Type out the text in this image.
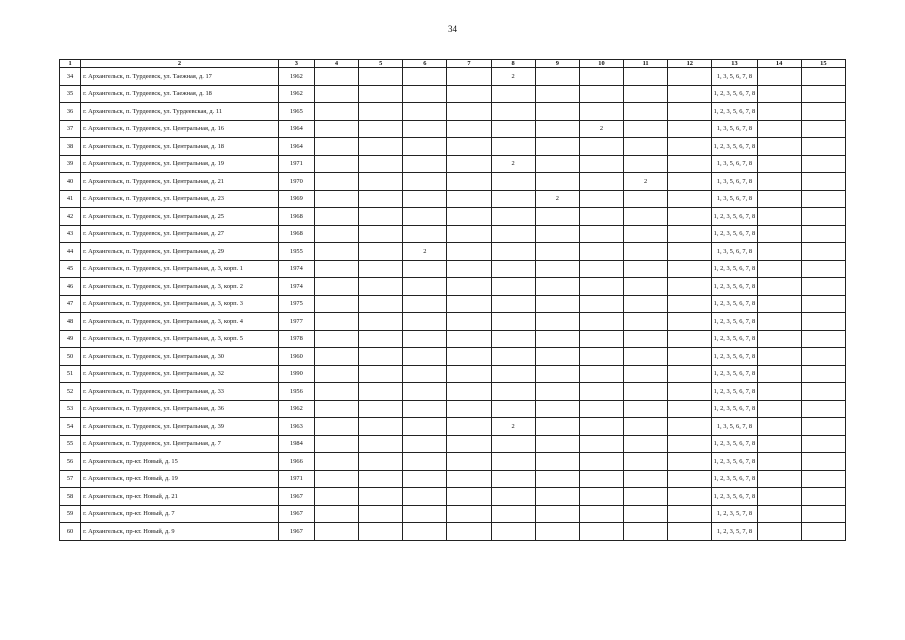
34
1	2	3	4	5	6	7	8	9	10	11	12	13	14	15
34	г. Архангельск, п. Турдеевск, ул. Таежная, д. 17	1962					2					1, 3, 5, 6, 7, 8		
35	г. Архангельск, п. Турдеевск, ул. Таежная, д. 18	1962										1, 2, 3, 5, 6, 7, 8		
36	г. Архангельск, п. Турдеевск, ул. Турдеевская, д. 11	1965										1, 2, 3, 5, 6, 7, 8		
37	г. Архангельск, п. Турдеевск, ул. Центральная, д. 16	1964							2			1, 3, 5, 6, 7, 8		
38	г. Архангельск, п. Турдеевск, ул. Центральная, д. 18	1964										1, 2, 3, 5, 6, 7, 8		
39	г. Архангельск, п. Турдеевск, ул. Центральная, д. 19	1971					2					1, 3, 5, 6, 7, 8		
40	г. Архангельск, п. Турдеевск, ул. Центральная, д. 21	1970								2		1, 3, 5, 6, 7, 8		
41	г. Архангельск, п. Турдеевск, ул. Центральная, д. 23	1969						2				1, 3, 5, 6, 7, 8		
42	г. Архангельск, п. Турдеевск, ул. Центральная, д. 25	1968										1, 2, 3, 5, 6, 7, 8		
43	г. Архангельск, п. Турдеевск, ул. Центральная, д. 27	1968										1, 2, 3, 5, 6, 7, 8		
44	г. Архангельск, п. Турдеевск, ул. Центральная, д. 29	1955			2							1, 3, 5, 6, 7, 8		
45	г. Архангельск, п. Турдеевск, ул. Центральная, д. 3, корп. 1	1974										1, 2, 3, 5, 6, 7, 8		
46	г. Архангельск, п. Турдеевск, ул. Центральная, д. 3, корп. 2	1974										1, 2, 3, 5, 6, 7, 8		
47	г. Архангельск, п. Турдеевск, ул. Центральная, д. 3, корп. 3	1975										1, 2, 3, 5, 6, 7, 8		
48	г. Архангельск, п. Турдеевск, ул. Центральная, д. 3, корп. 4	1977										1, 2, 3, 5, 6, 7, 8		
49	г. Архангельск, п. Турдеевск, ул. Центральная, д. 3, корп. 5	1978										1, 2, 3, 5, 6, 7, 8		
50	г. Архангельск, п. Турдеевск, ул. Центральная, д. 30	1960										1, 2, 3, 5, 6, 7, 8		
51	г. Архангельск, п. Турдеевск, ул. Центральная, д. 32	1990										1, 2, 3, 5, 6, 7, 8		
52	г. Архангельск, п. Турдеевск, ул. Центральная, д. 33	1956										1, 2, 3, 5, 6, 7, 8		
53	г. Архангельск, п. Турдеевск, ул. Центральная, д. 36	1962										1, 2, 3, 5, 6, 7, 8		
54	г. Архангельск, п. Турдеевск, ул. Центральная, д. 39	1963					2					1, 3, 5, 6, 7, 8		
55	г. Архангельск, п. Турдеевск, ул. Центральная, д. 7	1984										1, 2, 3, 5, 6, 7, 8		
56	г. Архангельск, пр-кт. Новый, д. 15	1966										1, 2, 3, 5, 6, 7, 8		
57	г. Архангельск, пр-кт. Новый, д. 19	1971										1, 2, 3, 5, 6, 7, 8		
58	г. Архангельск, пр-кт. Новый, д. 21	1967										1, 2, 3, 5, 6, 7, 8		
59	г. Архангельск, пр-кт. Новый, д. 7	1967										1, 2, 3, 5, 7, 8		
60	г. Архангельск, пр-кт. Новый, д. 9	1967										1, 2, 3, 5, 7, 8		
